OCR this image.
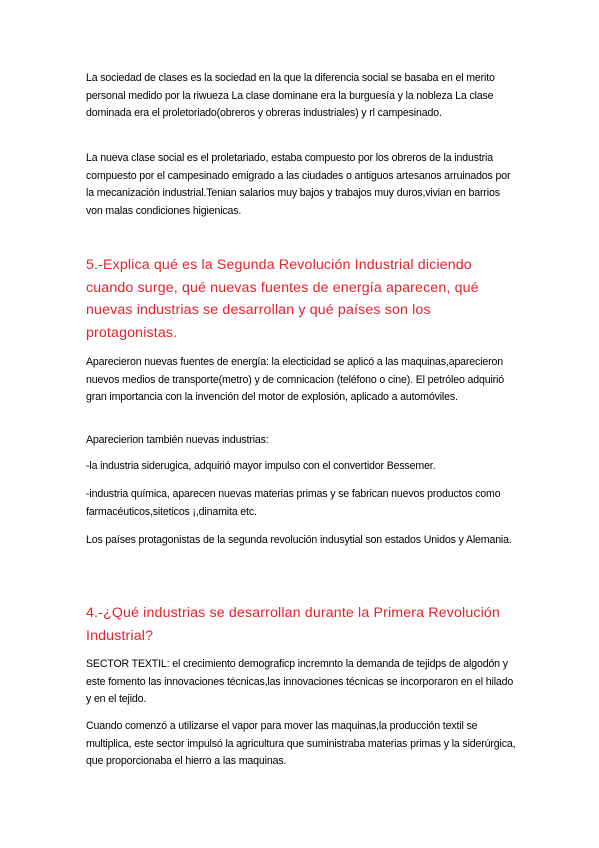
La sociedad de clases es la sociedad en la que la diferencia social se basaba en el merito personal medido por la riwueza La clase dominane era la burguesía y la nobleza La clase dominada era el proletoriado(obreros y obreras industriales) y rl campesinado.

La nueva clase social es el proletariado, estaba compuesto por los obreros de la industria compuesto por el campesinado emigrado a las ciudades o antiguos artesanos arruinados por la mecanización industrial.Tenian salarios muy bajos y trabajos muy duros,vivian en barrios von malas condiciones higienicas.

5.-Explica qué es la Segunda Revolución Industrial diciendo cuando surge, qué nuevas fuentes de energía aparecen, qué nuevas industrias se desarrollan y qué países son los protagonistas.

Aparecieron nuevas fuentes de energía: la electicidad se aplicó a las maquinas,aparecieron nuevos medios de transporte(metro) y de comnicacion (teléfono o cine). El petróleo adquirió gran importancia con la invención del motor de explosión, aplicado a automóviles.

Aparecierion también nuevas industrias:

-la industria siderugica, adquirió mayor impulso con el convertidor Bessemer.

-industria química, aparecen nuevas materias primas y se fabrican nuevos productos como farmacéuticos,siteticos ¡,dinamita etc.

Los países protagonistas de la segunda revolución indusytial son estados Unidos y Alemania.

4.-¿Qué industrias se desarrollan durante la Primera Revolución Industrial?

SECTOR TEXTIL: el crecimiento demograficp incremnto la demanda de tejidps de algodón y este fomento las innovaciones técnicas,las innovaciones técnicas se incorporaron en el hilado y en el tejido.

Cuando comenzó a utilizarse el vapor para mover las maquinas,la producción textil se multiplica, este sector impulsó la agricultura que suministraba materias primas y la siderúrgica, que proporcionaba el hierro a las maquinas.
